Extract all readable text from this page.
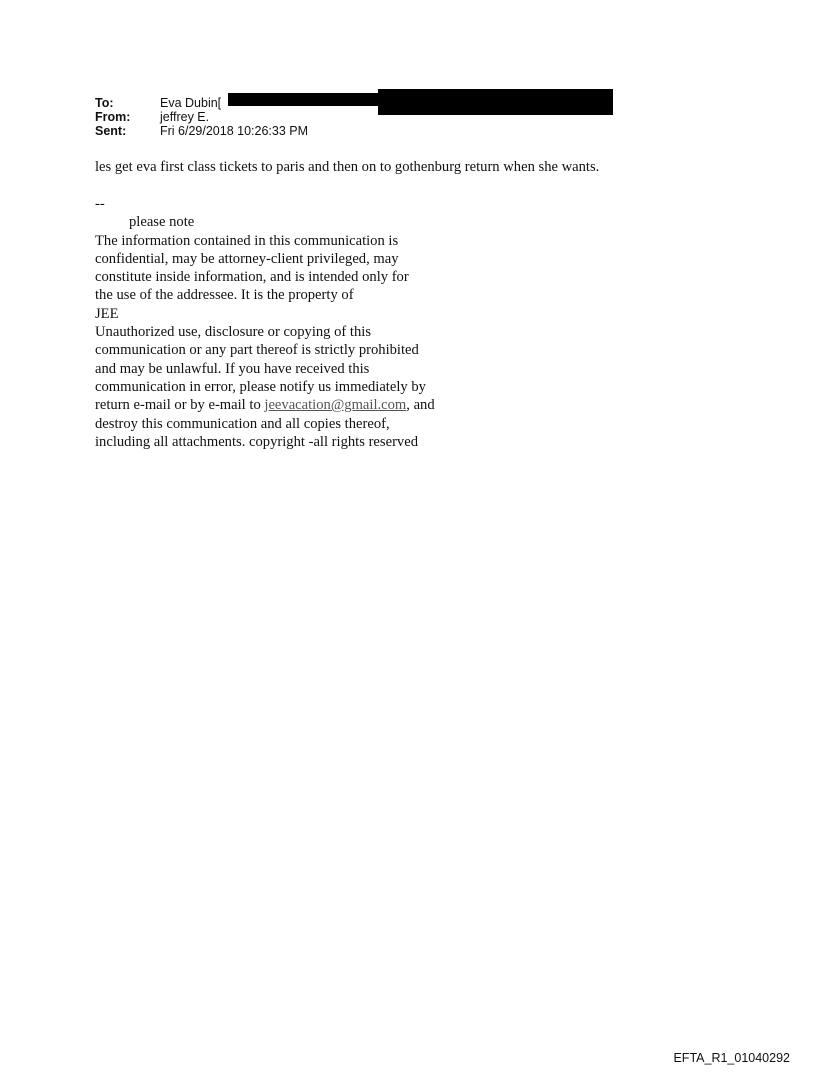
To:	Eva Dubin[
From: jeffrey E.
Sent:	Fri 6/29/2018 10:26:33 PM
les get eva first class tickets to paris and then on to gothenburg return when she wants.
--
please note
The information contained in this communication is
confidential, may be attorney-client privileged, may
constitute inside information, and is intended only for
the use of the addressee. It is the property of
JEE
Unauthorized use, disclosure or copying of this
communication or any part thereof is strictly prohibited
and may be unlawful. If you have received this
communication in error, please notify us immediately by
return e-mail or by e-mail to jeevacation@gmail.com, and
destroy this communication and all copies thereof,
including all attachments. copyright -all rights reserved
EFTA_R1_01040292
